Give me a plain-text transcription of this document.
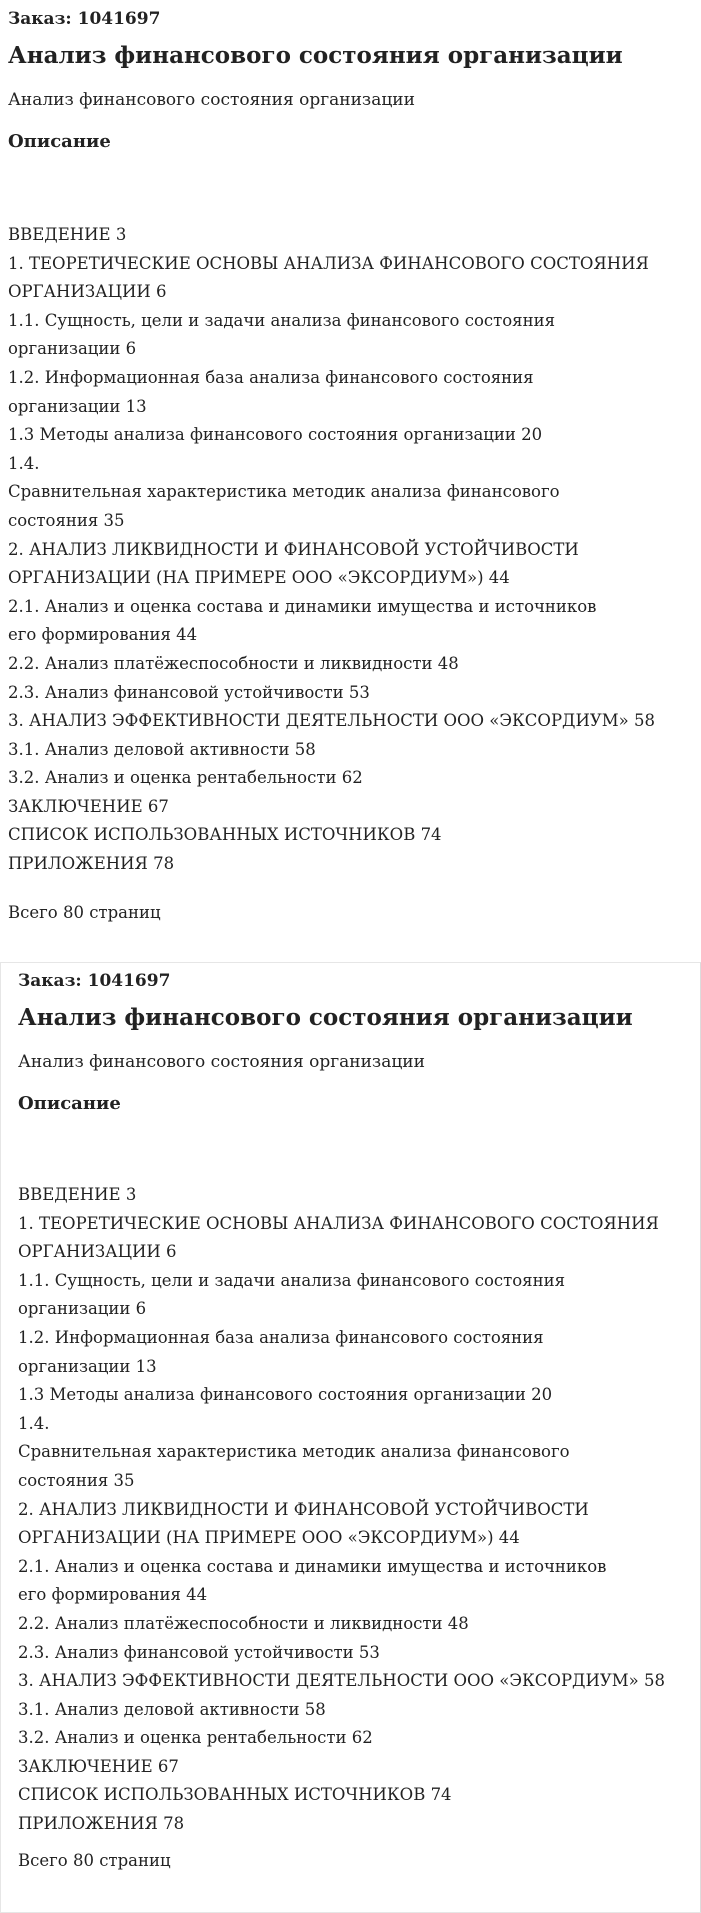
Заказ: 1041697
Анализ финансового состояния организации
Анализ финансового состояния организации
Описание
ВВЕДЕНИЕ 3
1. ТЕОРЕТИЧЕСКИЕ ОСНОВЫ АНАЛИЗА ФИНАНСОВОГО СОСТОЯНИЯ
ОРГАНИЗАЦИИ 6
1.1. Сущность, цели и задачи анализа финансового состояния
организации 6
1.2. Информационная база анализа финансового состояния
организации 13
1.3 Методы анализа финансового состояния организации 20
1.4.
Сравнительная характеристика методик анализа финансового
состояния 35
2. АНАЛИЗ ЛИКВИДНОСТИ И ФИНАНСОВОЙ УСТОЙЧИВОСТИ
ОРГАНИЗАЦИИ (НА ПРИМЕРЕ ООО «ЭКСОРДИУМ») 44
2.1. Анализ и оценка состава и динамики имущества и источников
его формирования 44
2.2. Анализ платёжеспособности и ликвидности 48
2.3. Анализ финансовой устойчивости 53
3. АНАЛИЗ ЭФФЕКТИВНОСТИ ДЕЯТЕЛЬНОСТИ ООО «ЭКСОРДИУМ» 58
3.1. Анализ деловой активности 58
3.2. Анализ и оценка рентабельности 62
ЗАКЛЮЧЕНИЕ 67
СПИСОК ИСПОЛЬЗОВАННЫХ ИСТОЧНИКОВ 74
ПРИЛОЖЕНИЯ 78
Всего 80 страниц
Заказ: 1041697
Анализ финансового состояния организации
Анализ финансового состояния организации
Описание
ВВЕДЕНИЕ 3
1. ТЕОРЕТИЧЕСКИЕ ОСНОВЫ АНАЛИЗА ФИНАНСОВОГО СОСТОЯНИЯ
ОРГАНИЗАЦИИ 6
1.1. Сущность, цели и задачи анализа финансового состояния
организации 6
1.2. Информационная база анализа финансового состояния
организации 13
1.3 Методы анализа финансового состояния организации 20
1.4.
Сравнительная характеристика методик анализа финансового
состояния 35
2. АНАЛИЗ ЛИКВИДНОСТИ И ФИНАНСОВОЙ УСТОЙЧИВОСТИ
ОРГАНИЗАЦИИ (НА ПРИМЕРЕ ООО «ЭКСОРДИУМ») 44
2.1. Анализ и оценка состава и динамики имущества и источников
его формирования 44
2.2. Анализ платёжеспособности и ликвидности 48
2.3. Анализ финансовой устойчивости 53
3. АНАЛИЗ ЭФФЕКТИВНОСТИ ДЕЯТЕЛЬНОСТИ ООО «ЭКСОРДИУМ» 58
3.1. Анализ деловой активности 58
3.2. Анализ и оценка рентабельности 62
ЗАКЛЮЧЕНИЕ 67
СПИСОК ИСПОЛЬЗОВАННЫХ ИСТОЧНИКОВ 74
ПРИЛОЖЕНИЯ 78
Всего 80 страниц
